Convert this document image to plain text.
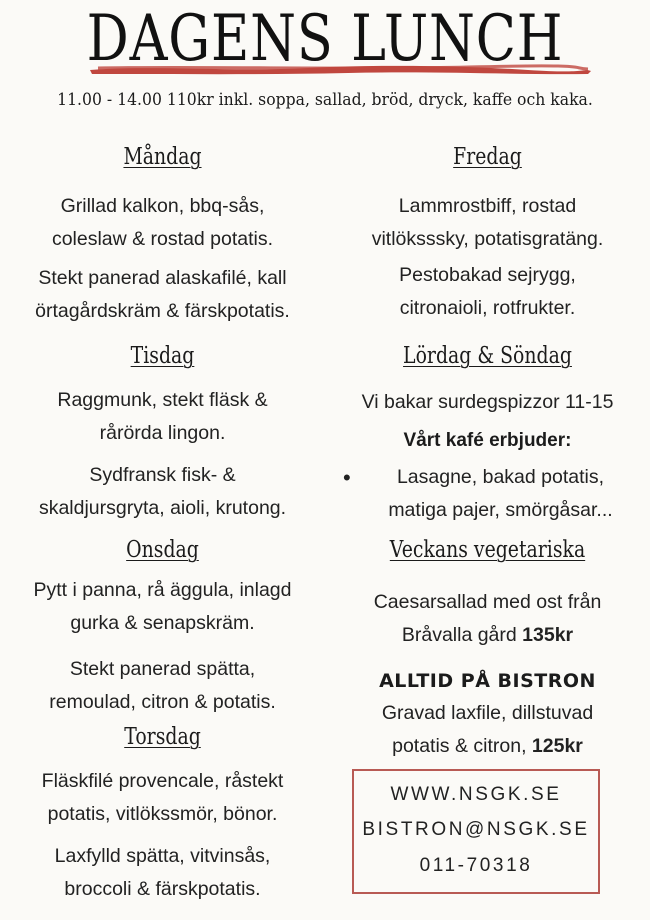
DAGENS LUNCH
11.00 - 14.00 110kr inkl. soppa, sallad, bröd, dryck, kaffe och kaka.
Måndag
Grillad kalkon, bbq-sås,
coleslaw & rostad potatis.
Stekt panerad alaskafilé, kall
örtagårdskräm & färskpotatis.
Tisdag
Raggmunk, stekt fläsk &
rårörda lingon.
Sydfransk fisk- &
skaldjursgryta, aioli, krutong.
Onsdag
Pytt i panna, rå äggula, inlagd
gurka & senapskräm.
Stekt panerad spätta,
remoulad, citron & potatis.
Torsdag
Fläskfilé provencale, råstekt
potatis, vitlökssmör, bönor.
Laxfylld spätta, vitvinsås,
broccoli & färskpotatis.
Fredag
Lammrostbiff, rostad
vitlöksssky, potatisgratäng.
Pestobakad sejrygg,
citronaioli, rotfrukter.
Lördag & Söndag
Vi bakar surdegspizzor 11-15
Vårt kafé erbjuder:
•	Lasagne, bakad potatis,
matiga pajer, smörgåsar...
Veckans vegetariska
Caesarsallad med ost från
Bråvalla gård 135kr
ALLTID PÅ BISTRON
Gravad laxfile, dillstuvad
potatis & citron, 125kr
WWW.NSGK.SE
BISTRON@NSGK.SE
011-70318
